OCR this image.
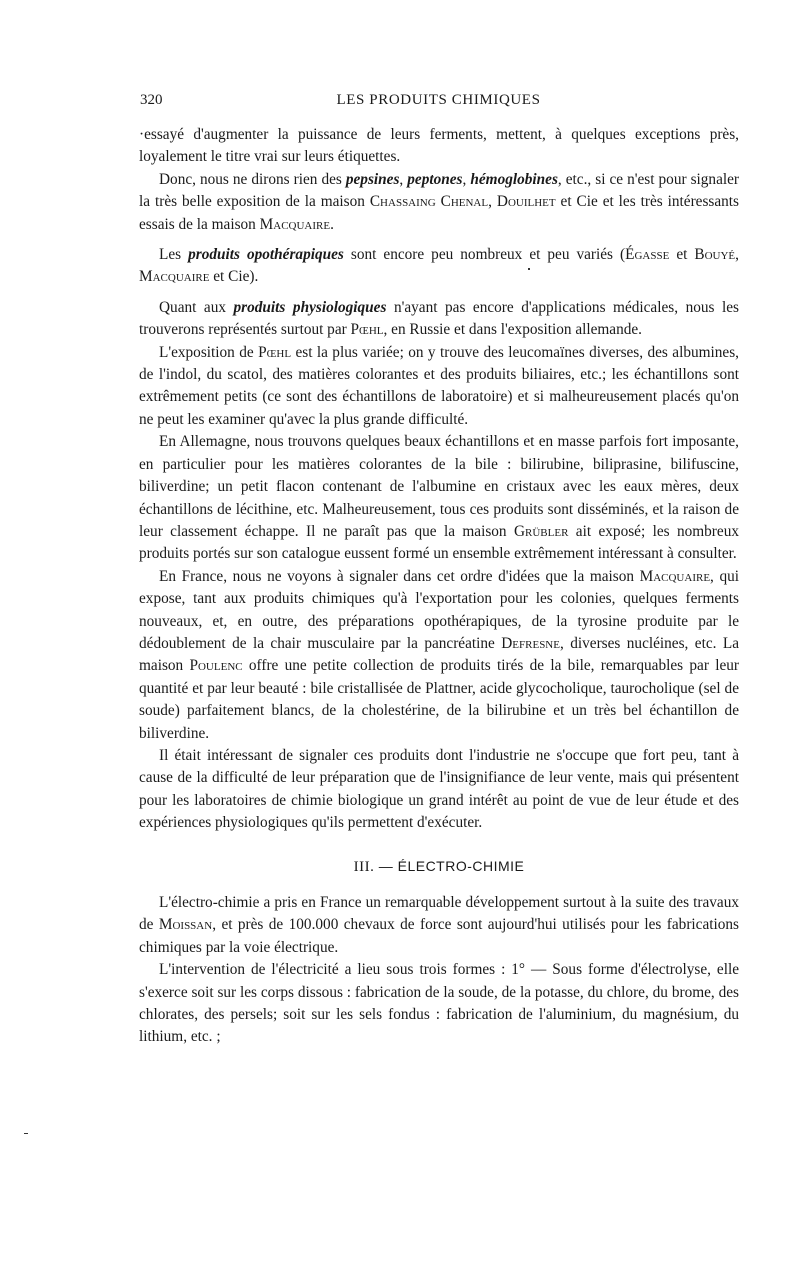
320	LES PRODUITS CHIMIQUES

·essayé d'augmenter la puissance de leurs ferments, mettent, à quelques exceptions près, loyalement le titre vrai sur leurs étiquettes.

Donc, nous ne dirons rien des pepsines, peptones, hémoglobines, etc., si ce n'est pour signaler la très belle exposition de la maison Chassaing Chenal, Douilhet et Cie et les très intéressants essais de la maison Macquaire.

Les produits opothérapiques sont encore peu nombreux et peu variés (Égasse et Bouyé, Macquaire et Cie).

Quant aux produits physiologiques n'ayant pas encore d'applications médicales, nous les trouverons représentés surtout par Pœhl, en Russie et dans l'exposition allemande.

L'exposition de Pœhl est la plus variée; on y trouve des leucomaïnes diverses, des albumines, de l'indol, du scatol, des matières colorantes et des produits biliaires, etc.; les échantillons sont extrêmement petits (ce sont des échantillons de laboratoire) et si malheureusement placés qu'on ne peut les examiner qu'avec la plus grande difficulté.

En Allemagne, nous trouvons quelques beaux échantillons et en masse parfois fort imposante, en particulier pour les matières colorantes de la bile : bilirubine, biliprasine, bilifuscine, biliverdine; un petit flacon contenant de l'albumine en cristaux avec les eaux mères, deux échantillons de lécithine, etc. Malheureusement, tous ces produits sont disséminés, et la raison de leur classement échappe. Il ne paraît pas que la maison Grübler ait exposé; les nombreux produits portés sur son catalogue eussent formé un ensemble extrêmement intéressant à consulter.

En France, nous ne voyons à signaler dans cet ordre d'idées que la maison Macquaire, qui expose, tant aux produits chimiques qu'à l'exportation pour les colonies, quelques ferments nouveaux, et, en outre, des préparations opothérapiques, de la tyrosine produite par le dédoublement de la chair musculaire par la pancréatine Defresne, diverses nucléines, etc. La maison Poulenc offre une petite collection de produits tirés de la bile, remarquables par leur quantité et par leur beauté : bile cristallisée de Plattner, acide glycocholique, taurocholique (sel de soude) parfaitement blancs, de la cholestérine, de la bilirubine et un très bel échantillon de biliverdine.

Il était intéressant de signaler ces produits dont l'industrie ne s'occupe que fort peu, tant à cause de la difficulté de leur préparation que de l'insignifiance de leur vente, mais qui présentent pour les laboratoires de chimie biologique un grand intérêt au point de vue de leur étude et des expériences physiologiques qu'ils permettent d'exécuter.

III. — ÉLECTRO-CHIMIE

L'électro-chimie a pris en France un remarquable développement surtout à la suite des travaux de Moissan, et près de 100.000 chevaux de force sont aujourd'hui utilisés pour les fabrications chimiques par la voie électrique.

L'intervention de l'électricité a lieu sous trois formes : 1° — Sous forme d'électrolyse, elle s'exerce soit sur les corps dissous : fabrication de la soude, de la potasse, du chlore, du brome, des chlorates, des persels; soit sur les sels fondus : fabrication de l'aluminium, du magnésium, du lithium, etc. ;
